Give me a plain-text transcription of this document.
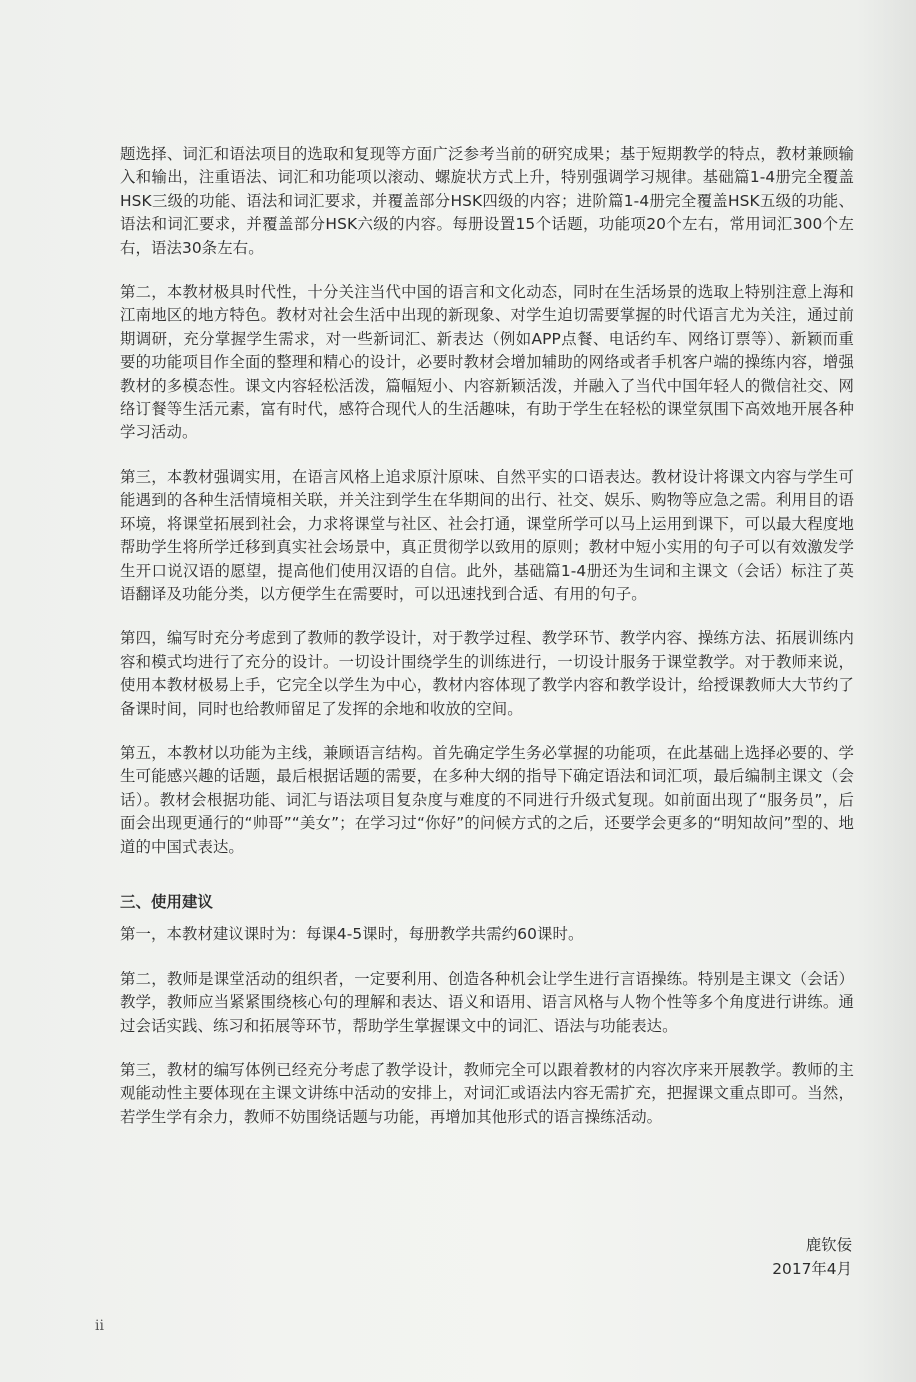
题选择、词汇和语法项目的选取和复现等方面广泛参考当前的研究成果；基于短期教学的特点，教材兼顾输入和输出，注重语法、词汇和功能项以滚动、螺旋状方式上升，特别强调学习规律。基础篇1-4册完全覆盖HSK三级的功能、语法和词汇要求，并覆盖部分HSK四级的内容；进阶篇1-4册完全覆盖HSK五级的功能、语法和词汇要求，并覆盖部分HSK六级的内容。每册设置15个话题，功能项20个左右，常用词汇300个左右，语法30条左右。

第二，本教材极具时代性，十分关注当代中国的语言和文化动态，同时在生活场景的选取上特别注意上海和江南地区的地方特色。教材对社会生活中出现的新现象、对学生迫切需要掌握的时代语言尤为关注，通过前期调研，充分掌握学生需求，对一些新词汇、新表达（例如APP点餐、电话约车、网络订票等）、新颖而重要的功能项目作全面的整理和精心的设计，必要时教材会增加辅助的网络或者手机客户端的操练内容，增强教材的多模态性。课文内容轻松活泼，篇幅短小、内容新颖活泼，并融入了当代中国年轻人的微信社交、网络订餐等生活元素，富有时代，感符合现代人的生活趣味，有助于学生在轻松的课堂氛围下高效地开展各种学习活动。

第三，本教材强调实用，在语言风格上追求原汁原味、自然平实的口语表达。教材设计将课文内容与学生可能遇到的各种生活情境相关联，并关注到学生在华期间的出行、社交、娱乐、购物等应急之需。利用目的语环境，将课堂拓展到社会，力求将课堂与社区、社会打通，课堂所学可以马上运用到课下，可以最大程度地帮助学生将所学迁移到真实社会场景中，真正贯彻学以致用的原则；教材中短小实用的句子可以有效激发学生开口说汉语的愿望，提高他们使用汉语的自信。此外，基础篇1-4册还为生词和主课文（会话）标注了英语翻译及功能分类，以方便学生在需要时，可以迅速找到合适、有用的句子。

第四，编写时充分考虑到了教师的教学设计，对于教学过程、教学环节、教学内容、操练方法、拓展训练内容和模式均进行了充分的设计。一切设计围绕学生的训练进行，一切设计服务于课堂教学。对于教师来说，使用本教材极易上手，它完全以学生为中心，教材内容体现了教学内容和教学设计，给授课教师大大节约了备课时间，同时也给教师留足了发挥的余地和收放的空间。

第五，本教材以功能为主线，兼顾语言结构。首先确定学生务必掌握的功能项，在此基础上选择必要的、学生可能感兴趣的话题，最后根据话题的需要，在多种大纲的指导下确定语法和词汇项，最后编制主课文（会话）。教材会根据功能、词汇与语法项目复杂度与难度的不同进行升级式复现。如前面出现了“服务员”，后面会出现更通行的“帅哥”“美女”；在学习过“你好”的问候方式的之后，还要学会更多的“明知故问”型的、地道的中国式表达。

三、使用建议

第一，本教材建议课时为：每课4-5课时，每册教学共需约60课时。

第二，教师是课堂活动的组织者，一定要利用、创造各种机会让学生进行言语操练。特别是主课文（会话）教学，教师应当紧紧围绕核心句的理解和表达、语义和语用、语言风格与人物个性等多个角度进行讲练。通过会话实践、练习和拓展等环节，帮助学生掌握课文中的词汇、语法与功能表达。

第三，教材的编写体例已经充分考虑了教学设计，教师完全可以跟着教材的内容次序来开展教学。教师的主观能动性主要体现在主课文讲练中活动的安排上，对词汇或语法内容无需扩充，把握课文重点即可。当然，若学生学有余力，教师不妨围绕话题与功能，再增加其他形式的语言操练活动。

鹿钦佞
2017年4月
ii
